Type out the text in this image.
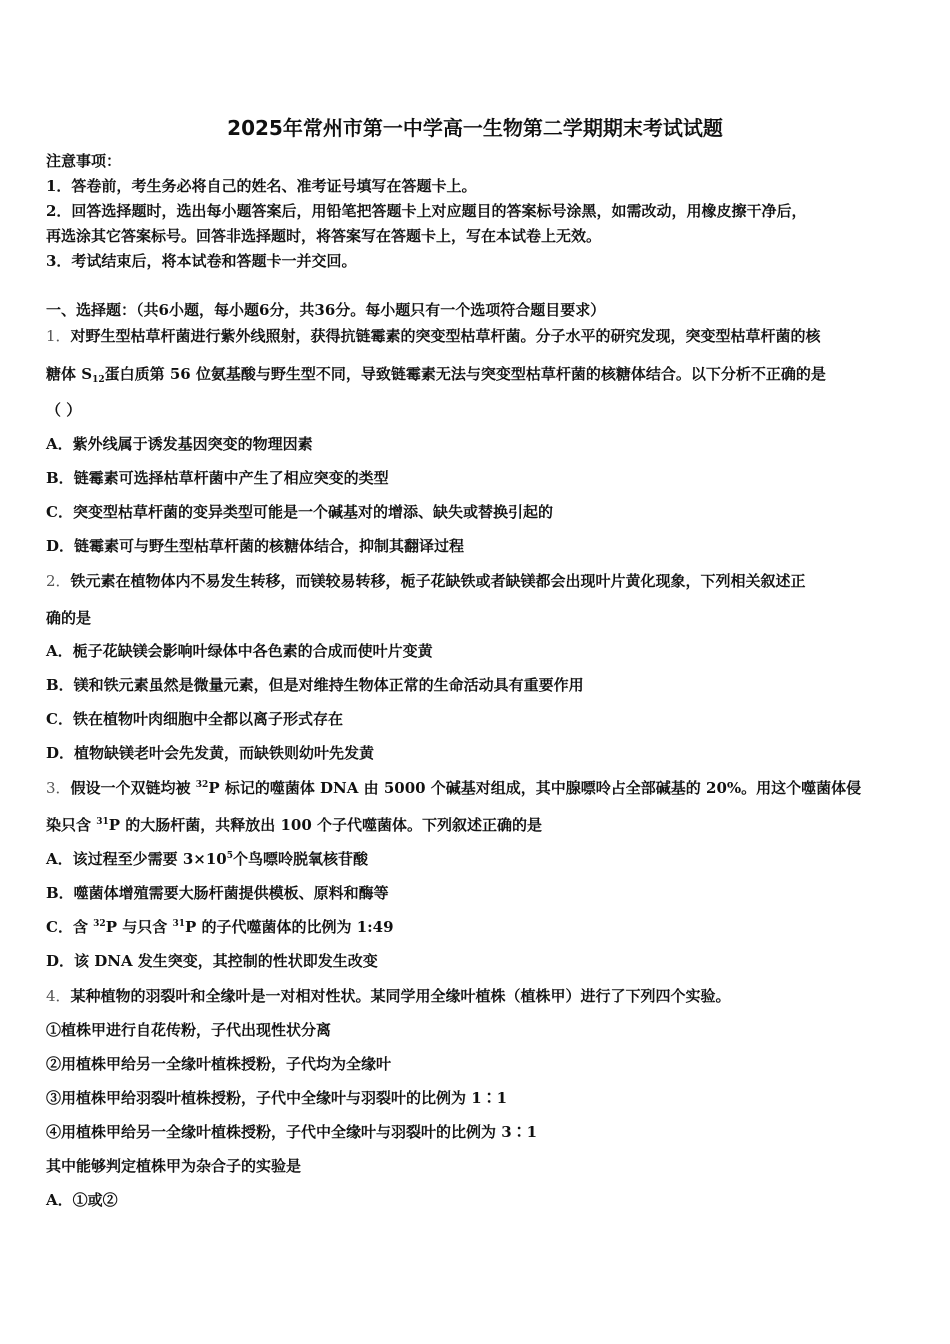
2025年常州市第一中学高一生物第二学期期末考试试题
注意事项：
1．答卷前，考生务必将自己的姓名、准考证号填写在答题卡上。
2．回答选择题时，选出每小题答案后，用铅笔把答题卡上对应题目的答案标号涂黑，如需改动，用橡皮擦干净后，
再选涂其它答案标号。回答非选择题时，将答案写在答题卡上，写在本试卷上无效。
3．考试结束后，将本试卷和答题卡一并交回。
一、选择题：（共6小题，每小题6分，共36分。每小题只有一个选项符合题目要求）
1．对野生型枯草杆菌进行紫外线照射，获得抗链霉素的突变型枯草杆菌。分子水平的研究发现，突变型枯草杆菌的核
糖体 $S_{12}$蛋白质第 56 位氨基酸与野生型不同，导致链霉素无法与突变型枯草杆菌的核糖体结合。以下分析不正确的是
（ ）
A．紫外线属于诱发基因突变的物理因素
B．链霉素可选择枯草杆菌中产生了相应突变的类型
C．突变型枯草杆菌的变异类型可能是一个碱基对的增添、缺失或替换引起的
D．链霉素可与野生型枯草杆菌的核糖体结合，抑制其翻译过程
2．铁元素在植物体内不易发生转移，而镁较易转移，栀子花缺铁或者缺镁都会出现叶片黄化现象，下列相关叙述正
确的是
A．栀子花缺镁会影响叶绿体中各色素的合成而使叶片变黄
B．镁和铁元素虽然是微量元素，但是对维持生物体正常的生命活动具有重要作用
C．铁在植物叶肉细胞中全都以离子形式存在
D．植物缺镁老叶会先发黄，而缺铁则幼叶先发黄
3．假设一个双链均被 $^{32}$P 标记的噬菌体 DNA 由 5000 个碱基对组成，其中腺嘌呤占全部碱基的 20%。用这个噬菌体侵
染只含 $^{31}$P 的大肠杆菌，共释放出 100 个子代噬菌体。下列叙述正确的是
A．该过程至少需要 $3\times 10^5$个鸟嘌呤脱氧核苷酸
B．噬菌体增殖需要大肠杆菌提供模板、原料和酶等
C．含 $^{32}$P 与只含 $^{31}$P 的子代噬菌体的比例为 1:49
D．该 DNA 发生突变，其控制的性状即发生改变
4．某种植物的羽裂叶和全缘叶是一对相对性状。某同学用全缘叶植株（植株甲）进行了下列四个实验。
①植株甲进行自花传粉，子代出现性状分离
②用植株甲给另一全缘叶植株授粉，子代均为全缘叶
③用植株甲给羽裂叶植株授粉，子代中全缘叶与羽裂叶的比例为 1∶1
④用植株甲给另一全缘叶植株授粉，子代中全缘叶与羽裂叶的比例为 3∶1
其中能够判定植株甲为杂合子的实验是
A．①或②
